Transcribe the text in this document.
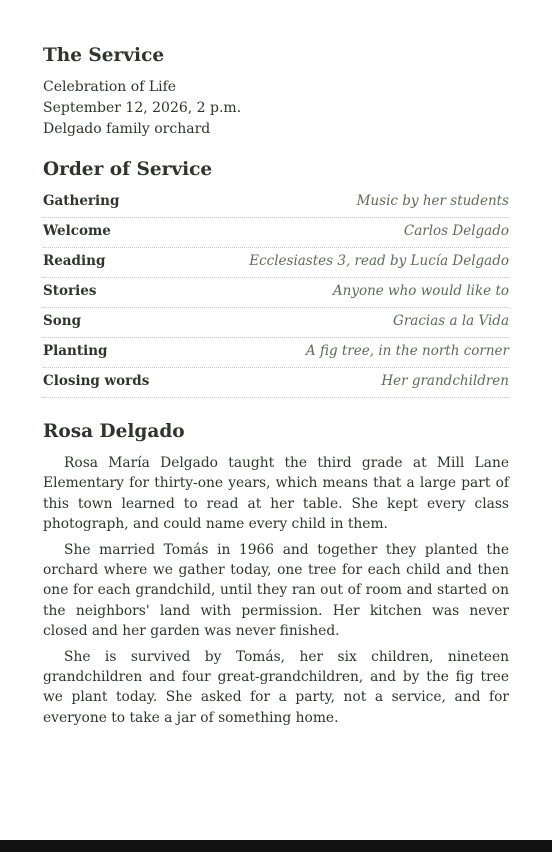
The Service
Celebration of Life
September 12, 2026, 2 p.m.
Delgado family orchard
Order of Service
Gathering	Music by her students
Welcome	Carlos Delgado
Reading	Ecclesiastes 3, read by Lucía Delgado
Stories	Anyone who would like to
Song	Gracias a la Vida
Planting	A fig tree, in the north corner
Closing words	Her grandchildren
Rosa Delgado

Rosa María Delgado taught the third grade at Mill Lane Elementary for thirty-one years, which means that a large part of this town learned to read at her table. She kept every class photograph, and could name every child in them.

She married Tomás in 1966 and together they planted the orchard where we gather today, one tree for each child and then one for each grandchild, until they ran out of room and started on the neighbors' land with permission. Her kitchen was never closed and her garden was never finished.

She is survived by Tomás, her six children, nineteen grandchildren and four great-grandchildren, and by the fig tree we plant today. She asked for a party, not a service, and for everyone to take a jar of something home.
